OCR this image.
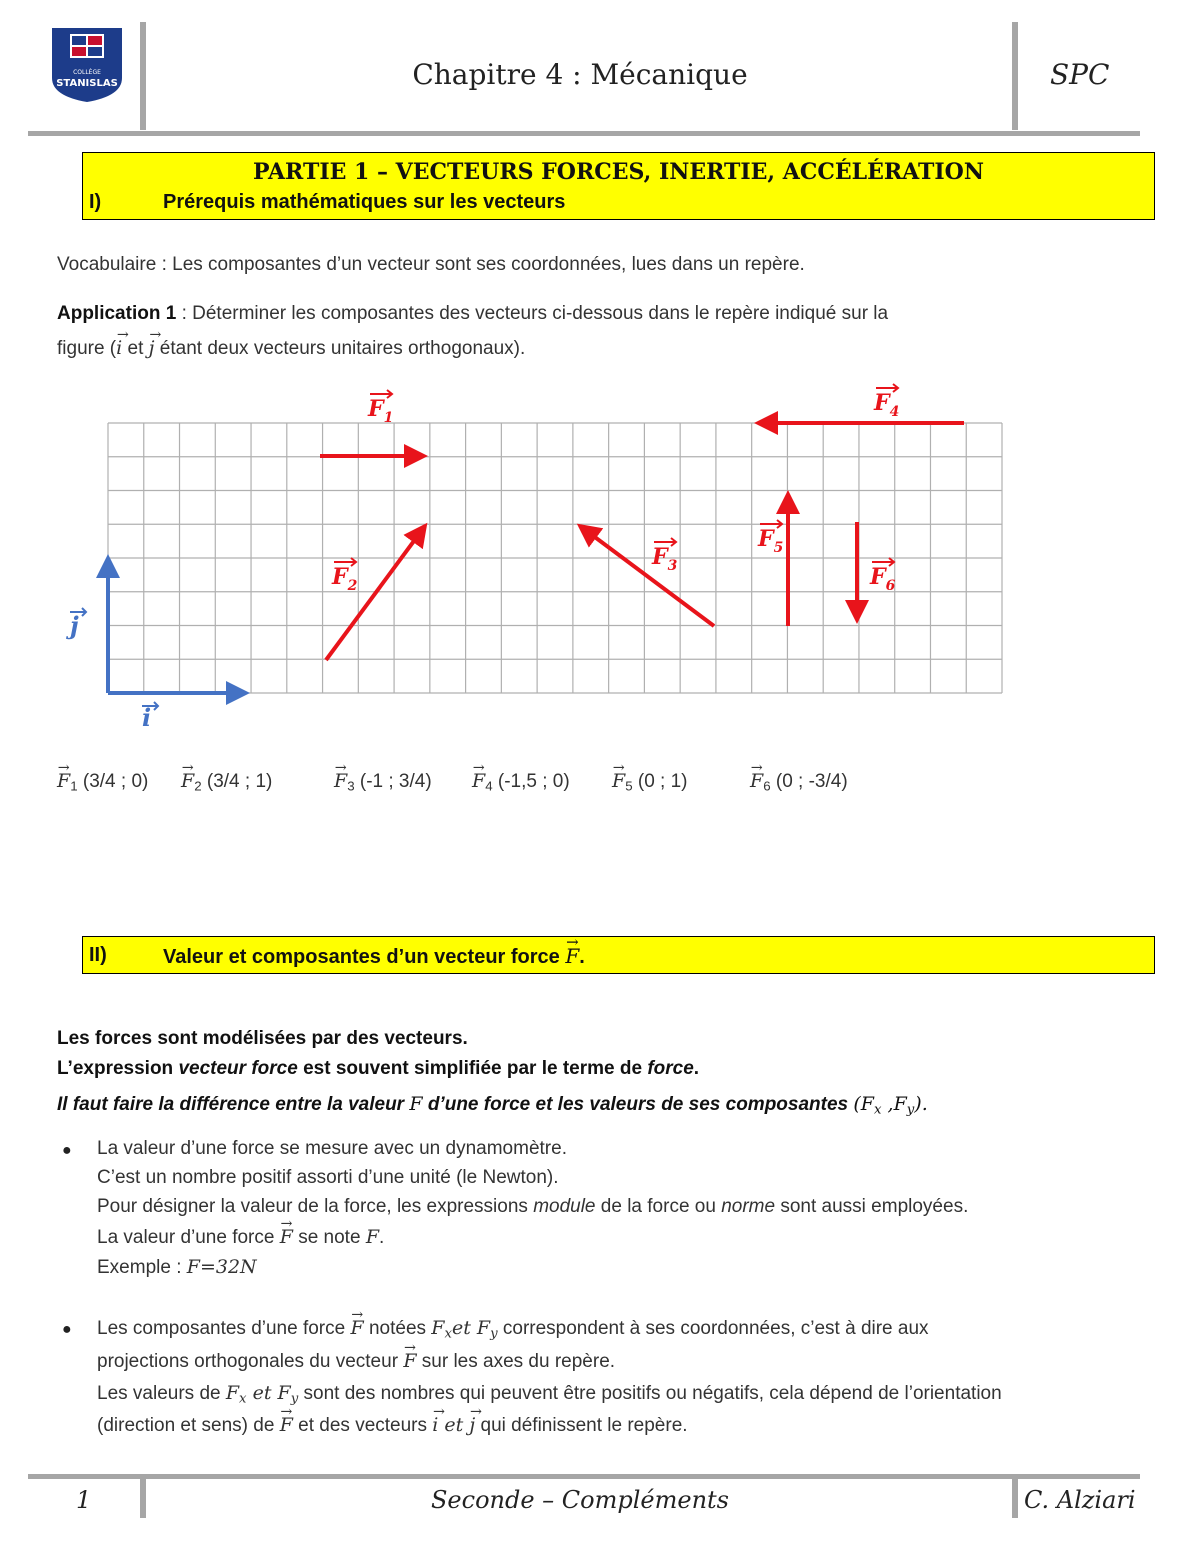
COLLÈGE
STANISLAS	Chapitre 4 : Mécanique	SPC
PARTIE 1 – VECTEURS FORCES, INERTIE, ACCÉLÉRATION
I)	Prérequis mathématiques sur les vecteurs
Vocabulaire : Les composantes d’un vecteur sont ses coordonnées, lues dans un repère.
Application 1 : Déterminer les composantes des vecteurs ci-dessous dans le repère indiqué sur la
figure (→ i et → j étant deux vecteurs unitaires orthogonaux).
$F_1$
$F_2$
$F_3$
$F_4$
$F_5$
$F_6$
j
i
→ $F_1$ (3/4 ; 0)
→ $F_2$ (3/4 ; 1)
→	$F_3$ (-1 ; 3/4)
→ $F_4$ (-1,5 ; 0)
→ $F_5$ (0 ; 1)
→	$F_6$ (0 ; -3/4)
II)	Valeur et composantes d’un vecteur force → F.
Les forces sont modélisées par des vecteurs.
L’expression vecteur force est souvent simplifiée par le terme de force.
Il faut faire la différence entre la valeur F d’une force et les valeurs de ses composantes ($F_x$ $,F_y$).
● La valeur d’une force se mesure avec un dynamomètre.
C’est un nombre positif assorti d’une unité (le Newton).
Pour désigner la valeur de la force, les expressions module de la force ou norme sont aussi employées.
La valeur d’une force → F se note F.
Exemple : F=32N
● Les composantes d’une force → F notées $F_xet$ $F_y$ correspondent à ses coordonnées, c’est à dire aux
projections orthogonales du vecteur → F sur les axes du repère.
Les valeurs de $F_x$ et $F_y$ sont des nombres qui peuvent être positifs ou négatifs, cela dépend de l’orientation
(direction et sens) de → F et des vecteurs → i et → j qui définissent le repère.
1	Seconde – Compléments	C. Alziari
